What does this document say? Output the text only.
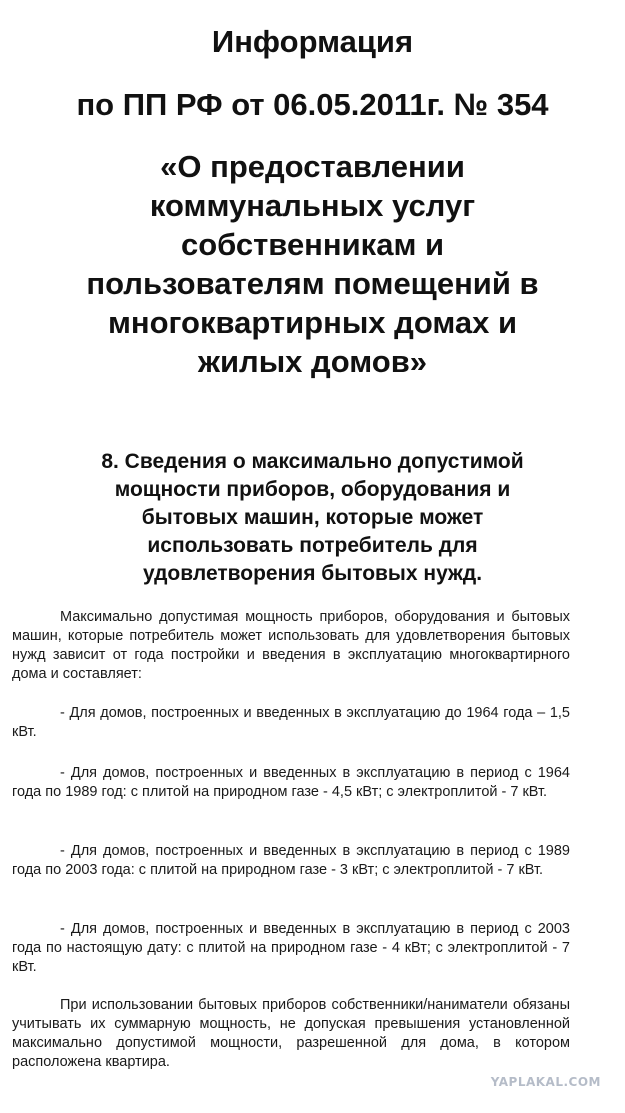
Информация
по ПП РФ от 06.05.2011г. № 354
«О предоставлении
коммунальных услуг
собственникам и
пользователям помещений в
многоквартирных домах и
жилых домов»
8. Сведения о максимально допустимой
мощности приборов, оборудования и
бытовых машин, которые может
использовать потребитель для
удовлетворения бытовых нужд.

Максимально допустимая мощность приборов, оборудования и бытовых машин, которые потребитель может использовать для удовлетворения бытовых нужд зависит от года постройки и введения в эксплуатацию многоквартирного дома и составляет:

- Для домов, построенных и введенных в эксплуатацию до 1964 года – 1,5 кВт.

- Для домов, построенных и введенных в эксплуатацию в период с 1964 года по 1989 год: с плитой на природном газе - 4,5 кВт; с электроплитой - 7 кВт.

- Для домов, построенных и введенных в эксплуатацию в период с 1989 года по 2003 года: с плитой на природном газе - 3 кВт; с электроплитой - 7 кВт.

- Для домов, построенных и введенных в эксплуатацию в период с 2003 года по настоящую дату: с плитой на природном газе - 4 кВт; с электроплитой - 7 кВт.

При использовании бытовых приборов собственники/наниматели обязаны учитывать их суммарную мощность, не допуская превышения установленной максимально допустимой мощности, разрешенной для дома, в котором расположена квартира.

YAPLAKAL.COM
